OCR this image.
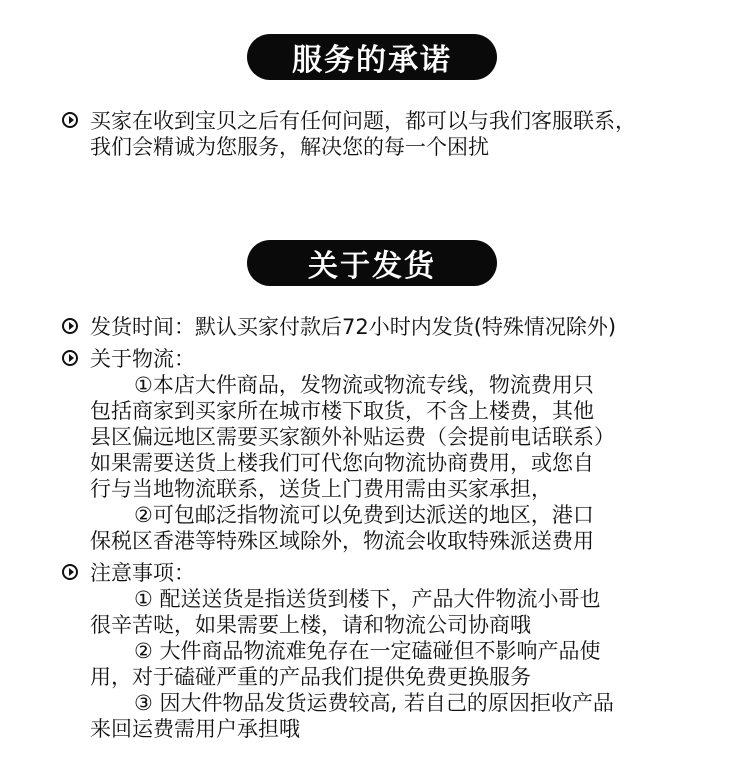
服务的承诺
买家在收到宝贝之后有任何问题，都可以与我们客服联系，
我们会精诚为您服务，解决您的每一个困扰
关于发货
发货时间：默认买家付款后72小时内发货(特殊情况除外)
关于物流：
①本店大件商品，发物流或物流专线，物流费用只
包括商家到买家所在城市楼下取货，不含上楼费，其他
县区偏远地区需要买家额外补贴运费（会提前电话联系）
如果需要送货上楼我们可代您向物流协商费用，或您自
行与当地物流联系，送货上门费用需由买家承担，
②可包邮泛指物流可以免费到达派送的地区，港口
保税区香港等特殊区域除外，物流会收取特殊派送费用
注意事项：
① 配送送货是指送货到楼下，产品大件物流小哥也
很辛苦哒，如果需要上楼，请和物流公司协商哦
② 大件商品物流难免存在一定磕碰但不影响产品使
用，对于磕碰严重的产品我们提供免费更换服务
③ 因大件物品发货运费较高, 若自己的原因拒收产品
来回运费需用户承担哦
